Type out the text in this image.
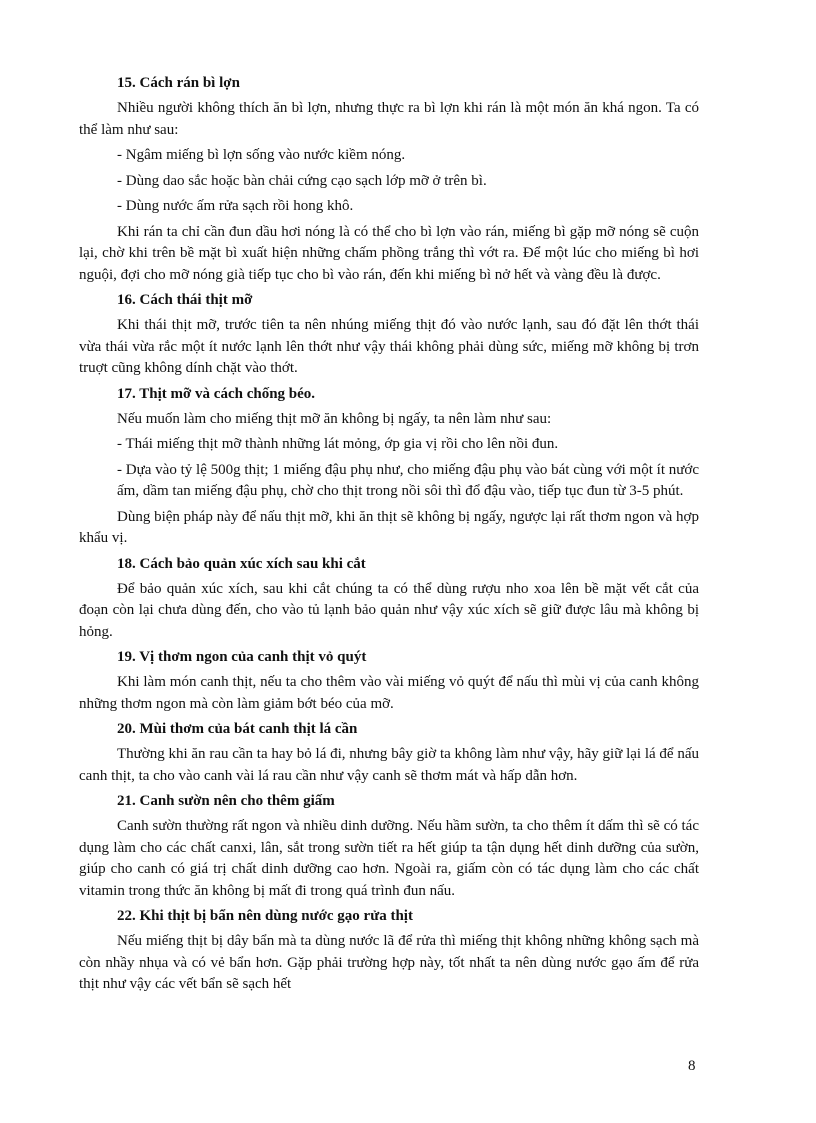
15. Cách rán bì lợn

Nhiều người không thích ăn bì lợn, nhưng thực ra bì lợn khi rán là một món ăn khá ngon. Ta có thể làm như sau:

- Ngâm miếng bì lợn sống vào nước kiềm nóng.

- Dùng dao sắc hoặc bàn chải cứng cạo sạch lớp mỡ ở trên bì.

- Dùng nước ấm rửa sạch rồi hong khô.

Khi rán ta chỉ cần đun dầu hơi nóng là có thể cho bì lợn vào rán, miếng bì gặp mỡ nóng sẽ cuộn lại, chờ khi trên bề mặt bì xuất hiện những chấm phồng trắng thì vớt ra. Để một lúc cho miếng bì hơi nguội, đợi cho mỡ nóng già tiếp tục cho bì vào rán, đến khi miếng bì nở hết và vàng đều là được.

16. Cách thái thịt mỡ

Khi thái thịt mỡ, trước tiên ta nên nhúng miếng thịt đó vào nước lạnh, sau đó đặt lên thớt thái vừa thái vừa rắc một ít nước lạnh lên thớt như vậy thái không phải dùng sức, miếng mỡ không bị trơn truợt cũng không dính chặt vào thớt.

17. Thịt mỡ và cách chống béo.

Nếu muốn làm cho miếng thịt mỡ ăn không bị ngấy, ta nên làm như sau:

- Thái miếng thịt mỡ thành những lát mỏng, ớp gia vị rồi cho lên nồi đun.

- Dựa vào tỷ lệ 500g thịt; 1 miếng đậu phụ như, cho miếng đậu phụ vào bát cùng với một ít nước ấm, dầm tan miếng đậu phụ, chờ cho thịt trong nồi sôi thì đổ đậu vào, tiếp tục đun từ 3-5 phút.

Dùng biện pháp này để nấu thịt mỡ, khi ăn thịt sẽ không bị ngấy, ngược lại rất thơm ngon và hợp khẩu vị.

18. Cách bảo quản xúc xích sau khi cắt

Để bảo quản xúc xích, sau khi cắt chúng ta có thể dùng rượu nho xoa lên bề mặt vết cắt của đoạn còn lại chưa dùng đến, cho vào tủ lạnh bảo quản như vậy xúc xích sẽ giữ được lâu mà không bị hỏng.

19. Vị thơm ngon của canh thịt vỏ quýt

Khi làm món canh thịt, nếu ta cho thêm vào vài miếng vỏ quýt để nấu thì mùi vị của canh không những thơm ngon mà còn làm giảm bớt béo của mỡ.

20. Mùi thơm của bát canh thịt lá cần

Thường khi ăn rau cần ta hay bỏ lá đi, nhưng bây giờ ta không làm như vậy, hãy giữ lại lá để nấu canh thịt, ta cho vào canh vài lá rau cần như vậy canh sẽ thơm mát và hấp dẫn hơn.

21. Canh sườn nên cho thêm giấm

Canh sườn thường rất ngon và nhiều dinh dưỡng. Nếu hầm sườn, ta cho thêm ít dấm thì sẽ có tác dụng làm cho các chất canxi, lân, sắt trong sườn tiết ra hết giúp ta tận dụng hết dinh dưỡng của sườn, giúp cho canh có giá trị chất dinh dưỡng cao hơn. Ngoài ra, giấm còn có tác dụng làm cho các chất vitamin trong thức ăn không bị mất đi trong quá trình đun nấu.

22. Khi thịt bị bẩn nên dùng nước gạo rửa thịt

Nếu miếng thịt bị dây bẩn mà ta dùng nước lã để rửa thì miếng thịt không những không sạch mà còn nhầy nhụa và có vẻ bẩn hơn. Gặp phải trường hợp này, tốt nhất ta nên dùng nước gạo ấm để rửa thịt như vậy các vết bẩn sẽ sạch hết

8
